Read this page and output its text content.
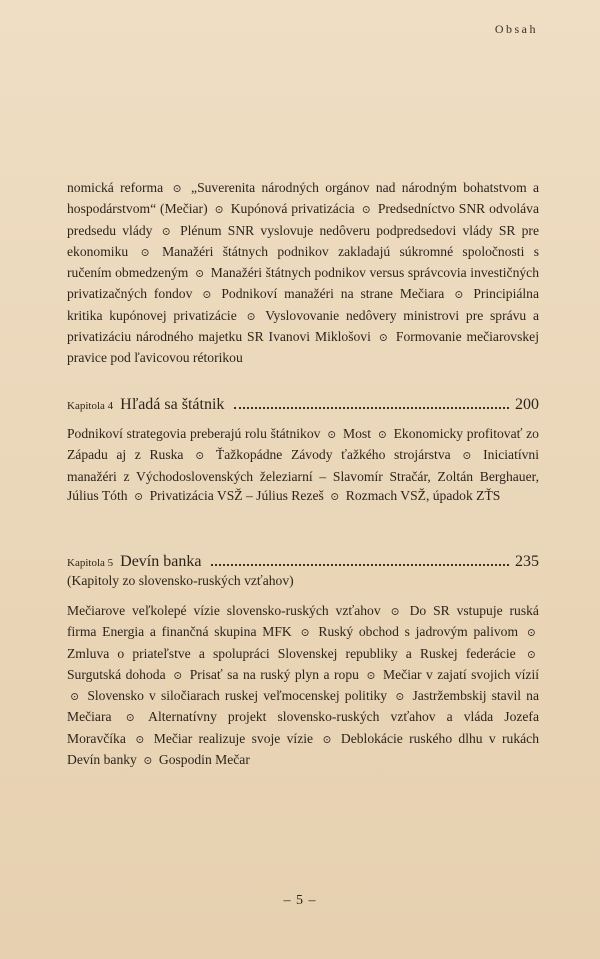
Obsah
nomická reforma ⊙ „Suverenita národných orgánov nad národným bohatstvom a hospodárstvom“ (Mečiar) ⊙ Kupónová privatizácia ⊙ Predsedníctvo SNR odvoláva predsedu vlády ⊙ Plénum SNR vyslovuje nedôveru podpredsedovi vlády SR pre ekonomiku ⊙ Manažéri štátnych podnikov zakladajú súkromné spoločnosti s ručením obmedzeným ⊙ Manažéri štátnych podnikov versus správcovia investičných privatizačných fondov ⊙ Podnikoví manažéri na strane Mečiara ⊙ Principiálna kritika kupónovej privatizácie ⊙ Vyslovovanie nedôvery ministrovi pre správu a privatizáciu národného majetku SR Ivanovi Miklošovi ⊙ Formovanie mečiarovskej pravice pod ľavicovou rétorikou
Kapitola 4 Hľadá sa štátnik	200
Podnikoví strategovia preberajú rolu štátnikov ⊙ Most ⊙ Ekonomicky profitovať zo Západu aj z Ruska ⊙ Ťažkopádne Závody ťažkého strojárstva ⊙ Iniciatívni manažéri z Východoslovenských železiarní – Slavomír Stračár, Zoltán Berghauer, Július Tóth ⊙ Privatizácia VSŽ – Július Rezeš ⊙ Rozmach VSŽ, úpadok ZŤS
Kapitola 5 Devín banka	235
(Kapitoly zo slovensko-ruských vzťahov)
Mečiarove veľkolepé vízie slovensko-ruských vzťahov ⊙ Do SR vstupuje ruská firma Energia a finančná skupina MFK ⊙ Ruský obchod s jadrovým palivom ⊙ Zmluva o priateľstve a spolupráci Slovenskej republiky a Ruskej federácie ⊙ Surgutská dohoda ⊙ Prisať sa na ruský plyn a ropu ⊙ Mečiar v zajatí svojich vízií ⊙ Slovensko v siločiarach ruskej veľmocenskej politiky ⊙ Jastržembskij stavil na Mečiara ⊙ Alternatívny projekt slovensko-ruských vzťahov a vláda Jozefa Moravčíka ⊙ Mečiar realizuje svoje vízie ⊙ Deblokácie ruského dlhu v rukách Devín banky ⊙ Gospodin Mečar
– 5 –
